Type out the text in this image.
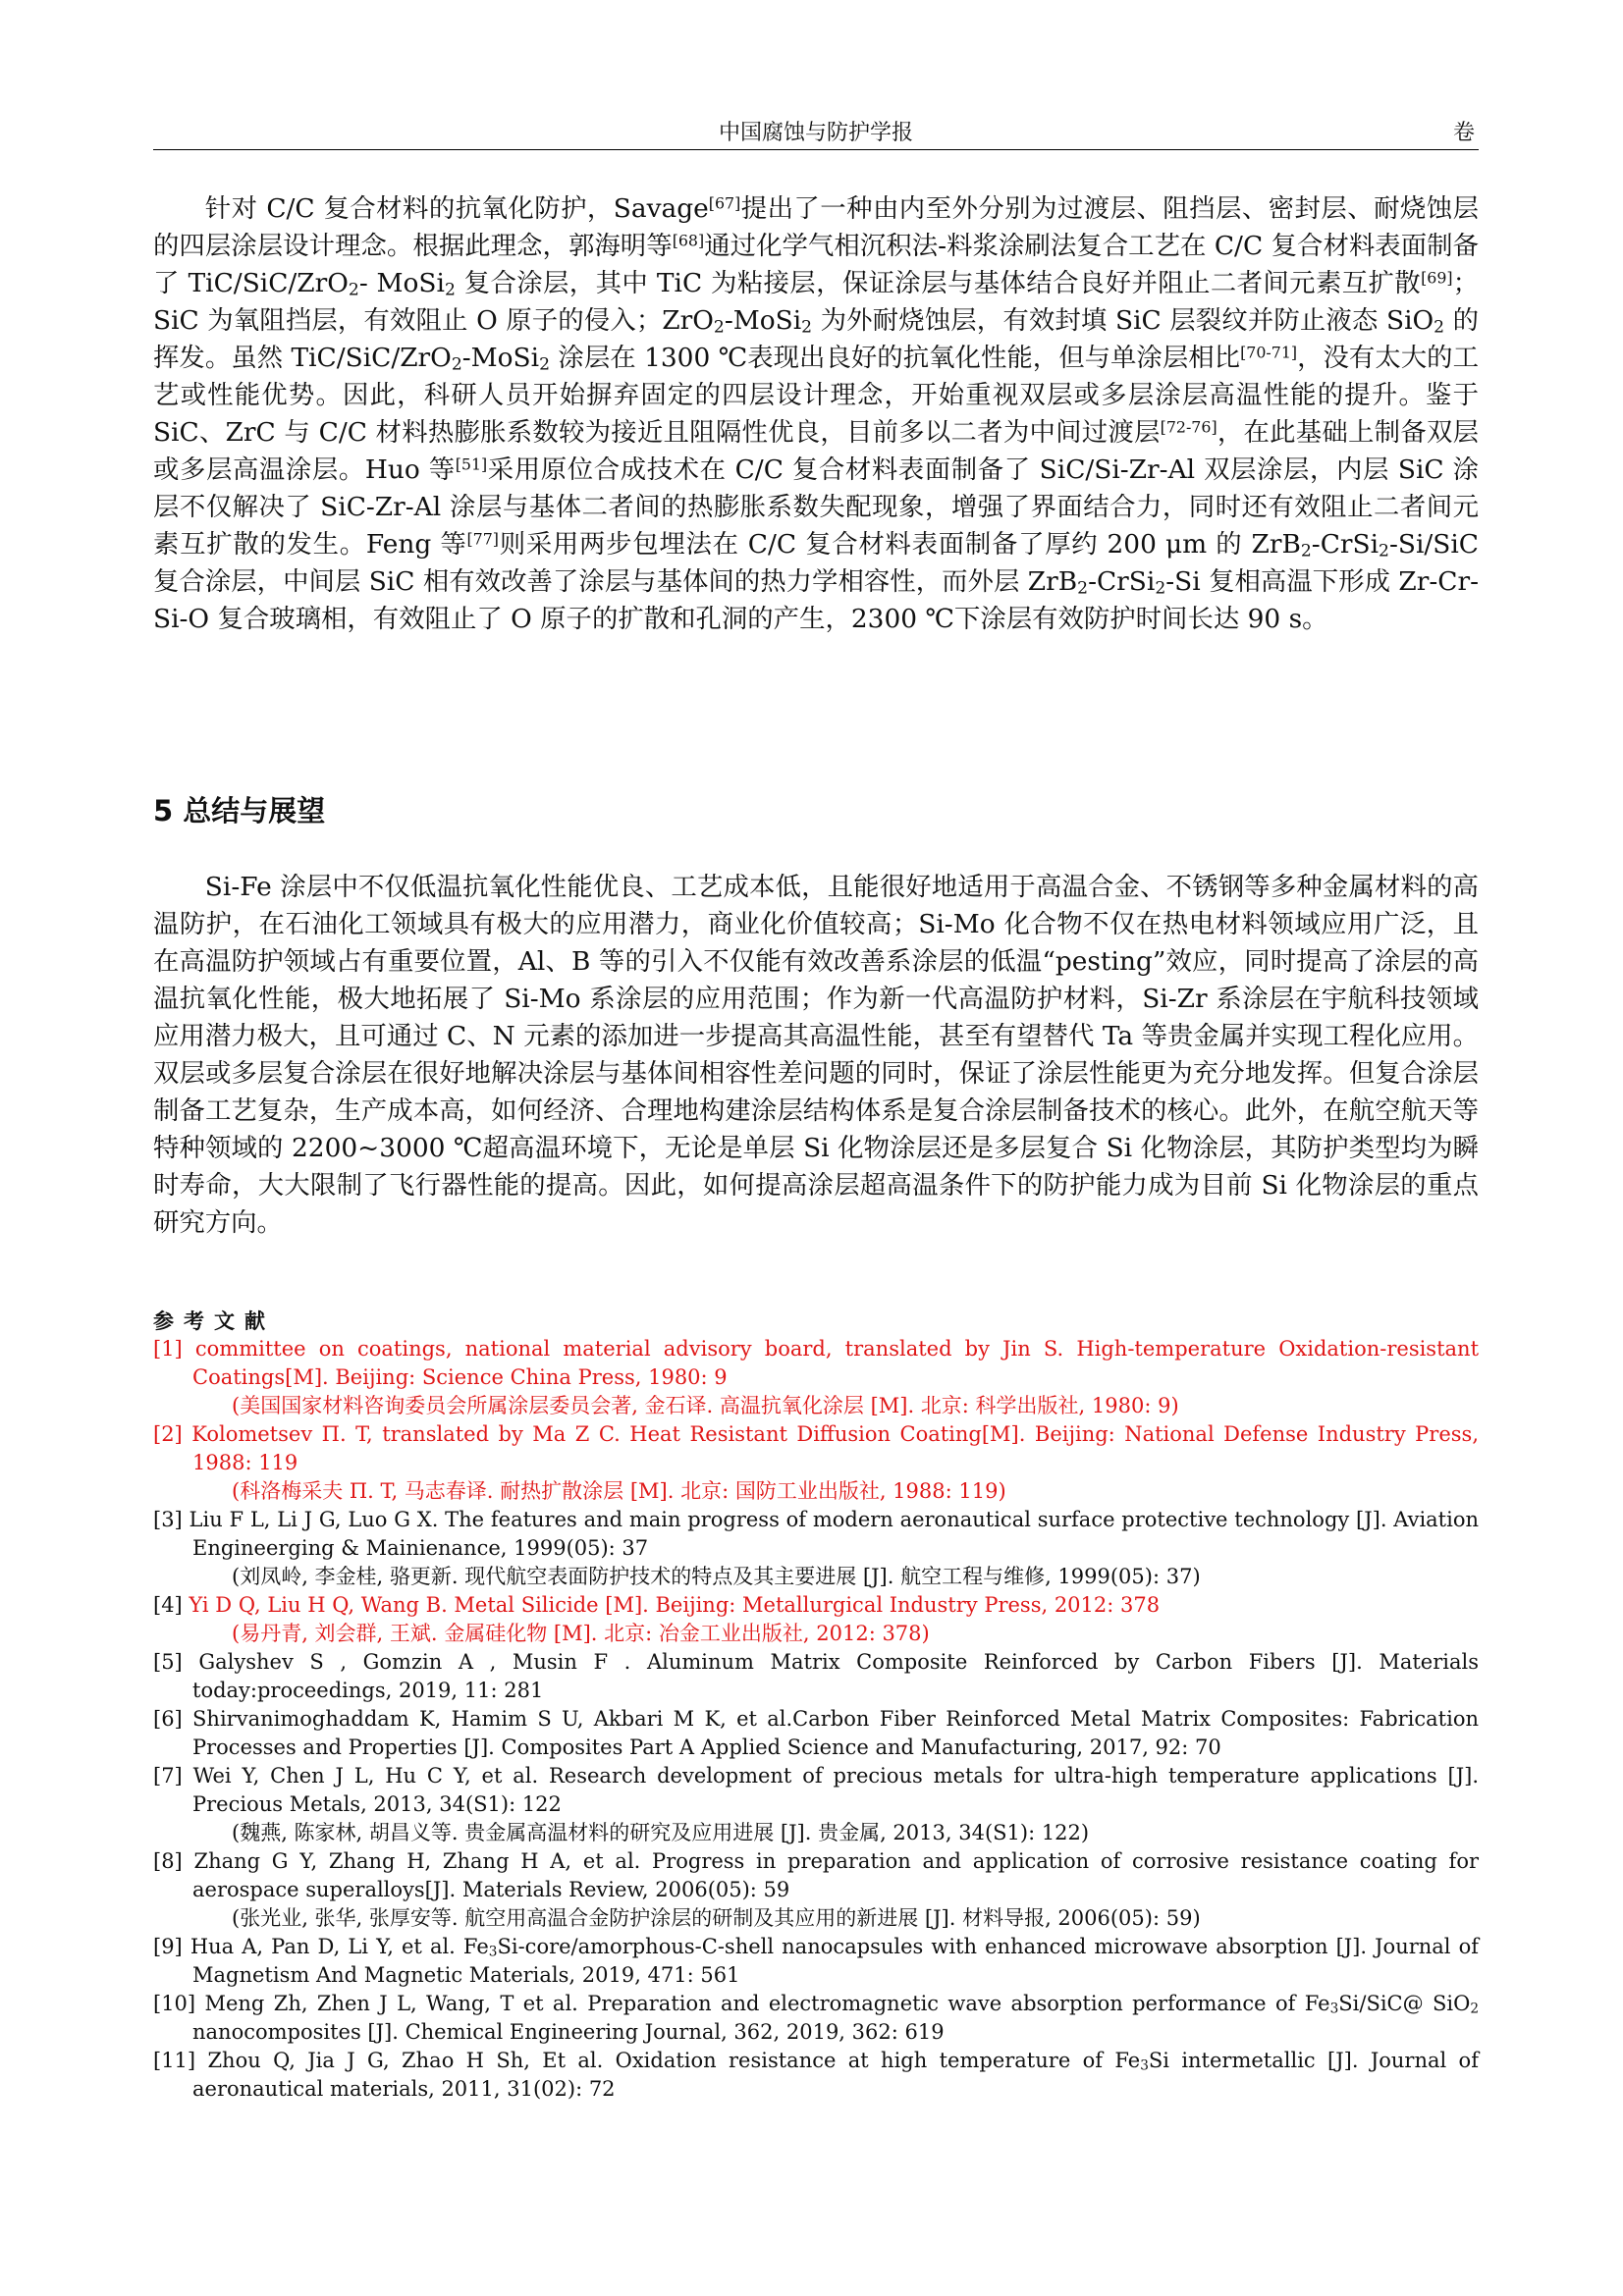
中国腐蚀与防护学报	卷

针对 C/C 复合材料的抗氧化防护，Savage[67]提出了一种由内至外分别为过渡层、阻挡层、密封层、耐烧蚀层的四层涂层设计理念。根据此理念，郭海明等[68]通过化学气相沉积法-料浆涂刷法复合工艺在 C/C 复合材料表面制备了 TiC/SiC/ZrO$_2$- MoSi$_2$ 复合涂层，其中 TiC 为粘接层，保证涂层与基体结合良好并阻止二者间元素互扩散[69]；SiC 为氧阻挡层，有效阻止 O 原子的侵入；ZrO$_2$-MoSi$_2$ 为外耐烧蚀层，有效封填 SiC 层裂纹并防止液态 SiO$_2$ 的挥发。虽然 TiC/SiC/ZrO$_2$-MoSi$_2$ 涂层在 1300 ℃表现出良好的抗氧化性能，但与单涂层相比[70-71]，没有太大的工艺或性能优势。因此，科研人员开始摒弃固定的四层设计理念，开始重视双层或多层涂层高温性能的提升。鉴于 SiC、ZrC 与 C/C 材料热膨胀系数较为接近且阻隔性优良，目前多以二者为中间过渡层[72-76]，在此基础上制备双层或多层高温涂层。Huo 等[51]采用原位合成技术在 C/C 复合材料表面制备了 SiC/Si-Zr-Al 双层涂层，内层 SiC 涂层不仅解决了 SiC-Zr-Al 涂层与基体二者间的热膨胀系数失配现象，增强了界面结合力，同时还有效阻止二者间元素互扩散的发生。Feng 等[77]则采用两步包埋法在 C/C 复合材料表面制备了厚约 200 μm 的 ZrB$_2$-CrSi$_2$-Si/SiC 复合涂层，中间层 SiC 相有效改善了涂层与基体间的热力学相容性，而外层 ZrB$_2$-CrSi$_2$-Si 复相高温下形成 Zr-Cr-Si-O 复合玻璃相，有效阻止了 O 原子的扩散和孔洞的产生，2300 ℃下涂层有效防护时间长达 90 s。

5 总结与展望

Si-Fe 涂层中不仅低温抗氧化性能优良、工艺成本低，且能很好地适用于高温合金、不锈钢等多种金属材料的高温防护，在石油化工领域具有极大的应用潜力，商业化价值较高；Si-Mo 化合物不仅在热电材料领域应用广泛，且在高温防护领域占有重要位置，Al、B 等的引入不仅能有效改善系涂层的低温“pesting”效应，同时提高了涂层的高温抗氧化性能，极大地拓展了 Si-Mo 系涂层的应用范围；作为新一代高温防护材料，Si-Zr 系涂层在宇航科技领域应用潜力极大，且可通过 C、N 元素的添加进一步提高其高温性能，甚至有望替代 Ta 等贵金属并实现工程化应用。双层或多层复合涂层在很好地解决涂层与基体间相容性差问题的同时，保证了涂层性能更为充分地发挥。但复合涂层制备工艺复杂，生产成本高，如何经济、合理地构建涂层结构体系是复合涂层制备技术的核心。此外，在航空航天等特种领域的 2200~3000 ℃超高温环境下，无论是单层 Si 化物涂层还是多层复合 Si 化物涂层，其防护类型均为瞬时寿命，大大限制了飞行器性能的提高。因此，如何提高涂层超高温条件下的防护能力成为目前 Si 化物涂层的重点研究方向。

参考文献
[1] committee on coatings, national material advisory board, translated by Jin S. High-temperature Oxidation-resistant Coatings[M]. Beijing: Science China Press, 1980: 9
(美国国家材料咨询委员会所属涂层委员会著, 金石译. 高温抗氧化涂层 [M]. 北京: 科学出版社, 1980: 9)
[2] Kolometsev Π. T, translated by Ma Z C. Heat Resistant Diffusion Coating[M]. Beijing: National Defense Industry Press, 1988: 119
(科洛梅采夫 Π. T, 马志春译. 耐热扩散涂层 [M]. 北京: 国防工业出版社, 1988: 119)
[3] Liu F L, Li J G, Luo G X. The features and main progress of modern aeronautical surface protective technology [J]. Aviation Engineerging & Mainienance, 1999(05): 37
(刘凤岭, 李金桂, 骆更新. 现代航空表面防护技术的特点及其主要进展 [J]. 航空工程与维修, 1999(05): 37)
[4] Yi D Q, Liu H Q, Wang B. Metal Silicide [M]. Beijing: Metallurgical Industry Press, 2012: 378
(易丹青, 刘会群, 王斌. 金属硅化物 [M]. 北京: 冶金工业出版社, 2012: 378)
[5] Galyshev S , Gomzin A , Musin F . Aluminum Matrix Composite Reinforced by Carbon Fibers [J]. Materials today:proceedings, 2019, 11: 281
[6] Shirvanimoghaddam K, Hamim S U, Akbari M K, et al.Carbon Fiber Reinforced Metal Matrix Composites: Fabrication Processes and Properties [J]. Composites Part A Applied Science and Manufacturing, 2017, 92: 70
[7] Wei Y, Chen J L, Hu C Y, et al. Research development of precious metals for ultra-high temperature applications [J]. Precious Metals, 2013, 34(S1): 122
(魏燕, 陈家林, 胡昌义等. 贵金属高温材料的研究及应用进展 [J]. 贵金属, 2013, 34(S1): 122)
[8] Zhang G Y, Zhang H, Zhang H A, et al. Progress in preparation and application of corrosive resistance coating for aerospace superalloys[J]. Materials Review, 2006(05): 59
(张光业, 张华, 张厚安等. 航空用高温合金防护涂层的研制及其应用的新进展 [J]. 材料导报, 2006(05): 59)
[9] Hua A, Pan D, Li Y, et al. $Fe_3Si-core/amorphous-C$-shell nanocapsules with enhanced microwave absorption [J]. Journal of Magnetism And Magnetic Materials, 2019, 471: 561
[10] Meng Zh, Zhen J L, Wang, T et al. Preparation and electromagnetic wave absorption performance of $Fe_3Si/SiC@$ SiO$_2$ nanocomposites [J]. Chemical Engineering Journal, 362, 2019, 362: 619
[11] Zhou Q, Jia J G, Zhao H Sh, Et al. Oxidation resistance at high temperature of $Fe_3Si$ intermetallic [J]. Journal of aeronautical materials, 2011, 31(02): 72
